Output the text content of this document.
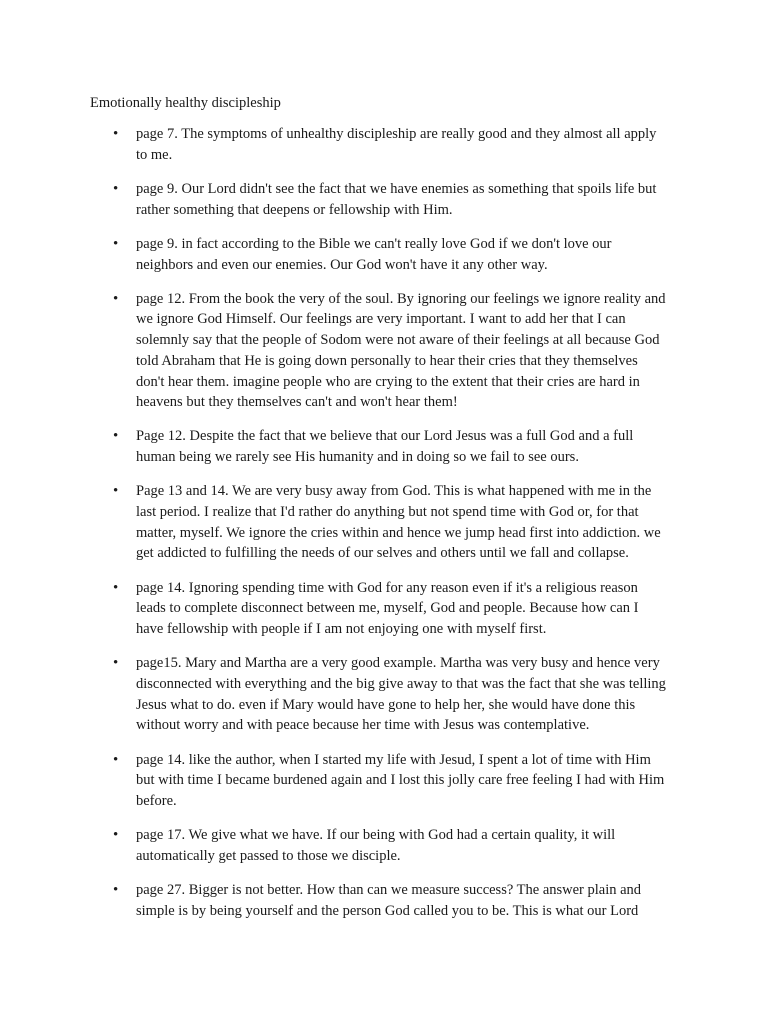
Emotionally healthy discipleship
• page 7. The symptoms of unhealthy discipleship are really good and they almost all apply to me.
• page 9. Our Lord didn't see the fact that we have enemies as something that spoils life but rather something that deepens or fellowship with Him.
• page 9. in fact according to the Bible we can't really love God if we don't love our neighbors and even our enemies. Our God won't have it any other way.
• page 12. From the book the very of the soul. By ignoring our feelings we ignore reality and we ignore God Himself. Our feelings are very important. I want to add her that I can solemnly say that the people of Sodom were not aware of their feelings at all because God told Abraham that He is going down personally to hear their cries that they themselves don't hear them. imagine people who are crying to the extent that their cries are hard in heavens but they themselves can't and won't hear them!
• Page 12. Despite the fact that we believe that our Lord Jesus was a full God and a full human being we rarely see His humanity and in doing so we fail to see ours.
• Page 13 and 14. We are very busy away from God. This is what happened with me in the last period. I realize that I'd rather do anything but not spend time with God or, for that matter, myself. We ignore the cries within and hence we jump head first into addiction. we get addicted to fulfilling the needs of our selves and others until we fall and collapse.
• page 14. Ignoring spending time with God for any reason even if it's a religious reason leads to complete disconnect between me, myself, God and people. Because how can I have fellowship with people if I am not enjoying one with myself first.
• page15. Mary and Martha are a very good example. Martha was very busy and hence very disconnected with everything and the big give away to that was the fact that she was telling Jesus what to do. even if Mary would have gone to help her, she would have done this without worry and with peace because her time with Jesus was contemplative.
• page 14. like the author, when I started my life with Jesud, I spent a lot of time with Him but with time I became burdened again and I lost this jolly care free feeling I had with Him before.
• page 17. We give what we have. If our being with God had a certain quality, it will automatically get passed to those we disciple.
• page 27. Bigger is not better. How than can we measure success? The answer plain and simple is by being yourself and the person God called you to be. This is what our Lord
